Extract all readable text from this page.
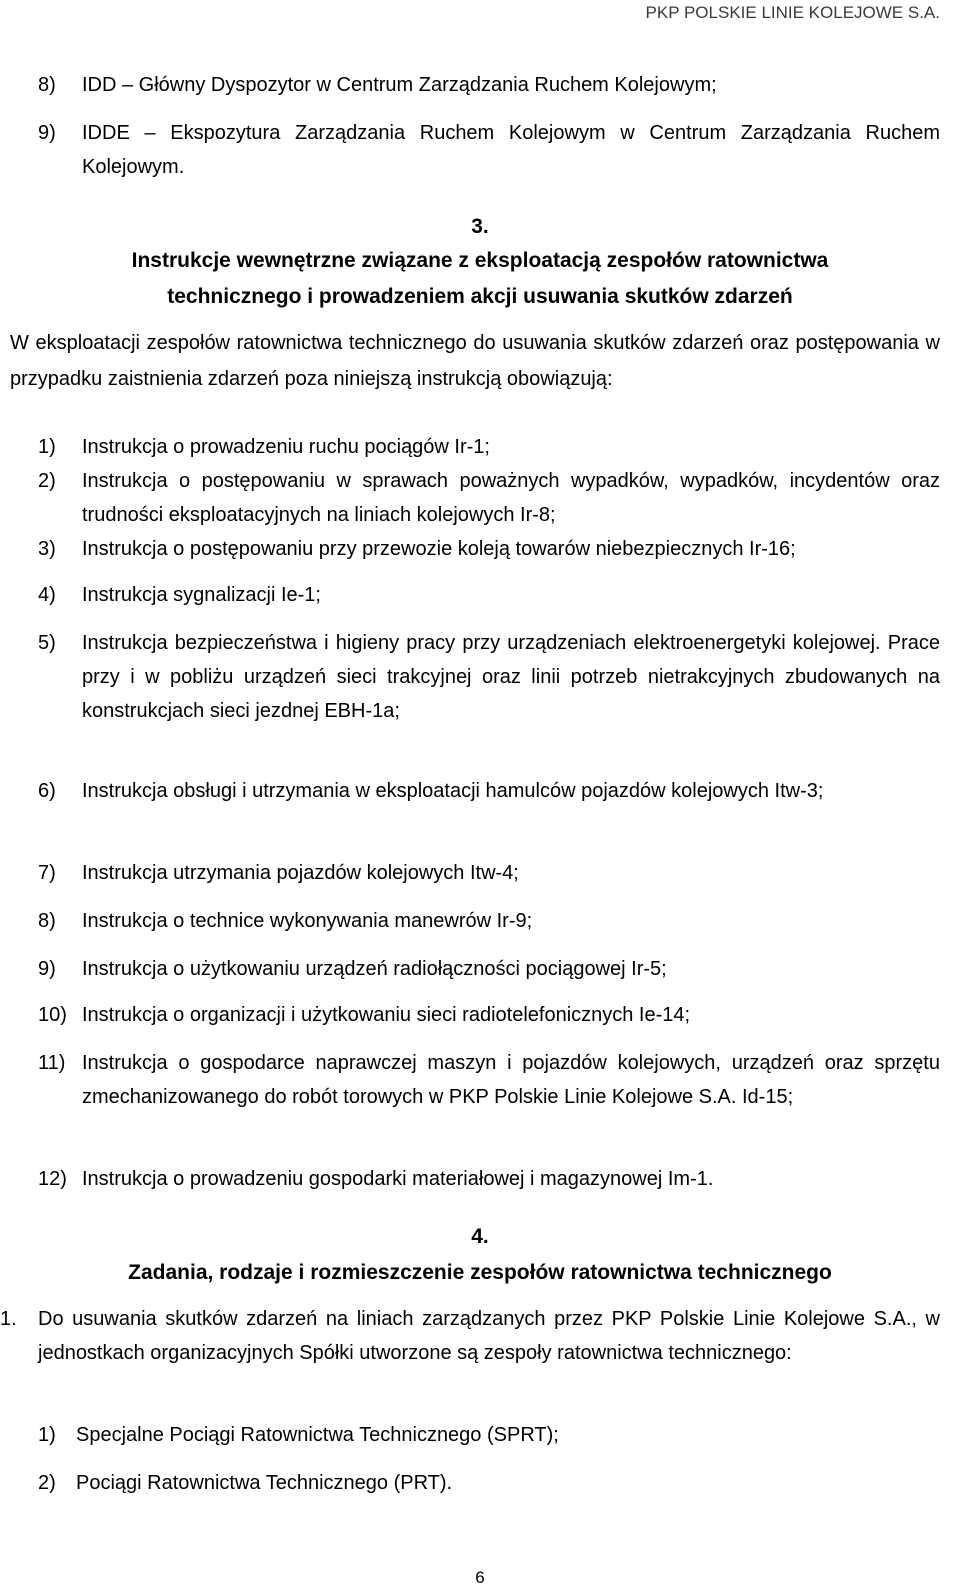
PKP POLSKIE LINIE KOLEJOWE S.A.
8)	IDD – Główny Dyspozytor w Centrum Zarządzania Ruchem Kolejowym;
9)	IDDE – Ekspozytura Zarządzania Ruchem Kolejowym w Centrum Zarządzania Ruchem Kolejowym.
3.
Instrukcje wewnętrzne związane z eksploatacją zespołów ratownictwa
technicznego i prowadzeniem akcji usuwania skutków zdarzeń
W eksploatacji zespołów ratownictwa technicznego do usuwania skutków zdarzeń oraz postępowania w przypadku zaistnienia zdarzeń poza niniejszą instrukcją obowiązują:
1)	Instrukcja o prowadzeniu ruchu pociągów Ir-1;
2)	Instrukcja o postępowaniu w sprawach poważnych wypadków, wypadków, incydentów oraz trudności eksploatacyjnych na liniach kolejowych Ir-8;
3)	Instrukcja o postępowaniu przy przewozie koleją towarów niebezpiecznych Ir-16;
4)	Instrukcja sygnalizacji Ie-1;
5)	Instrukcja bezpieczeństwa i higieny pracy przy urządzeniach elektroenergetyki kolejowej. Prace przy i w pobliżu urządzeń sieci trakcyjnej oraz linii potrzeb nietrakcyjnych zbudowanych na konstrukcjach sieci jezdnej EBH-1a;
6)	Instrukcja obsługi i utrzymania w eksploatacji hamulców pojazdów kolejowych Itw-3;
7)	Instrukcja utrzymania pojazdów kolejowych Itw-4;
8)	Instrukcja o technice wykonywania manewrów Ir-9;
9)	Instrukcja o użytkowaniu urządzeń radiołączności pociągowej Ir-5;
10) Instrukcja o organizacji i użytkowaniu sieci radiotelefonicznych Ie-14;
11) Instrukcja o gospodarce naprawczej maszyn i pojazdów kolejowych, urządzeń oraz sprzętu zmechanizowanego do robót torowych w PKP Polskie Linie Kolejowe S.A. Id-15;
12) Instrukcja o prowadzeniu gospodarki materiałowej i magazynowej Im-1.
4.
Zadania, rodzaje i rozmieszczenie zespołów ratownictwa technicznego
1.	Do usuwania skutków zdarzeń na liniach zarządzanych przez PKP Polskie Linie Kolejowe S.A., w jednostkach organizacyjnych Spółki utworzone są zespoły ratownictwa technicznego:
1)	Specjalne Pociągi Ratownictwa Technicznego (SPRT);
2)	Pociągi Ratownictwa Technicznego (PRT).
6
